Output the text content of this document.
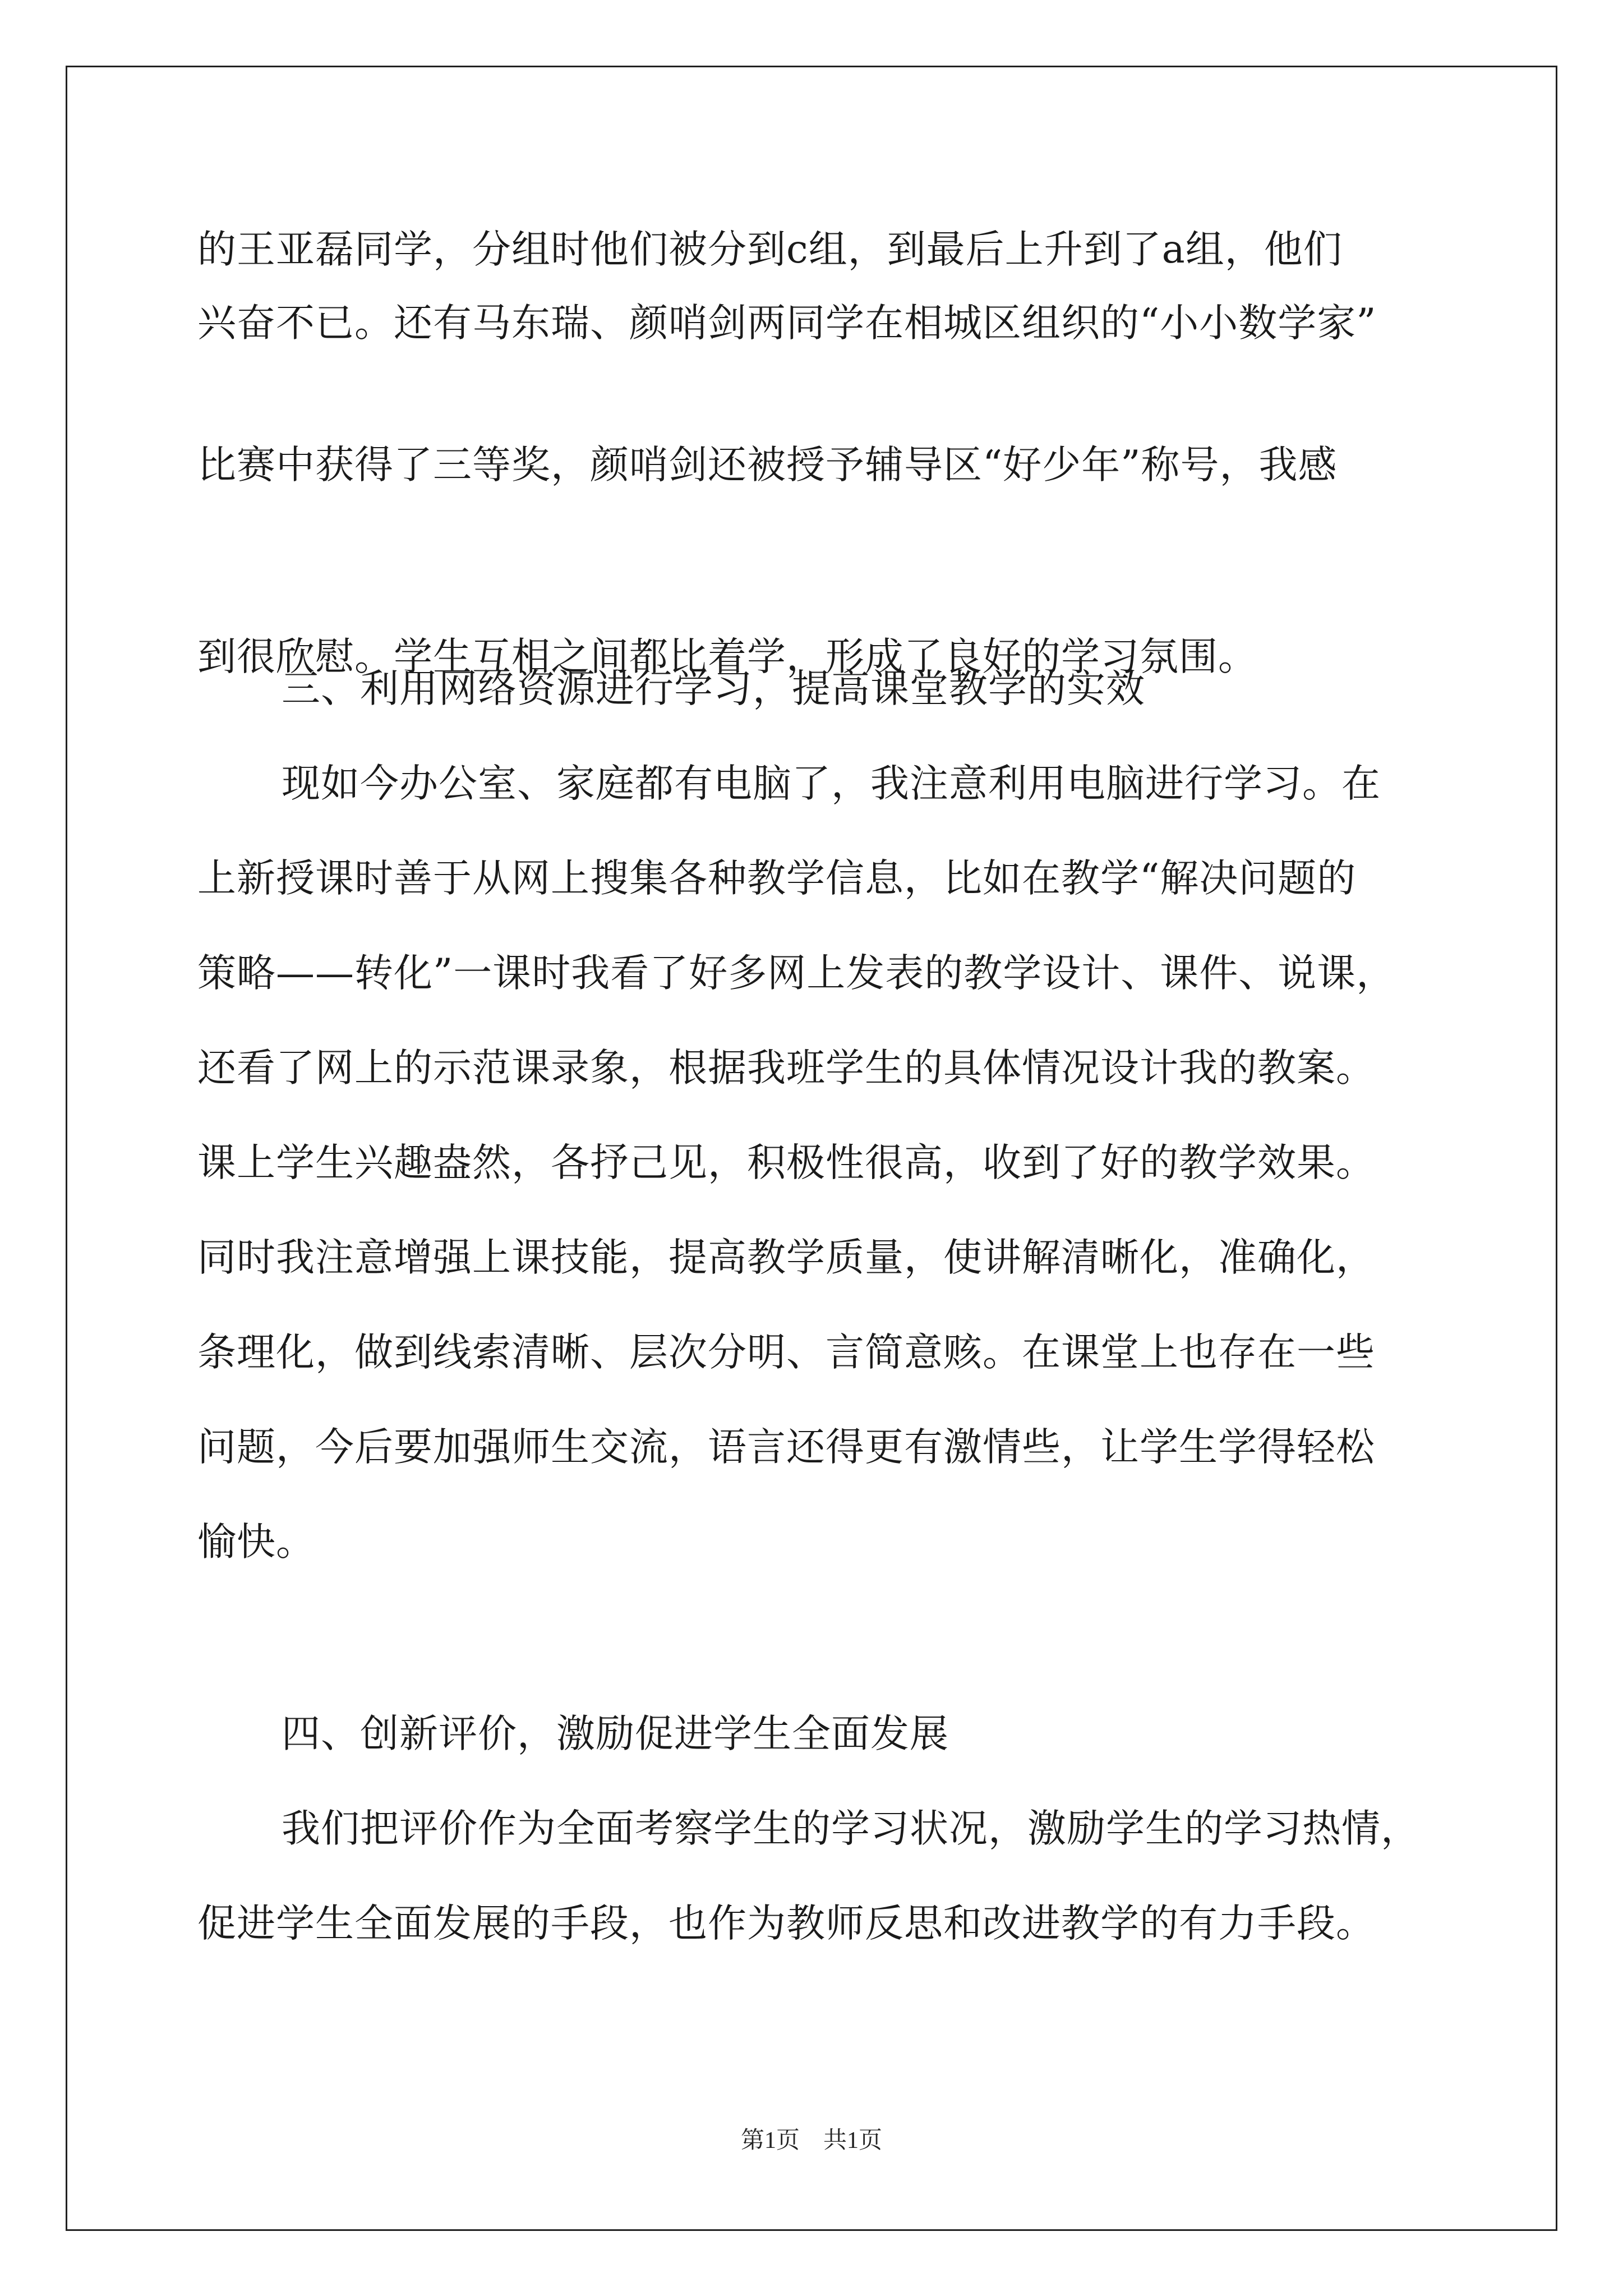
的王亚磊同学，分组时他们被分到c组，到最后上升到了a组，他们
兴奋不已。还有马东瑞、颜哨剑两同学在相城区组织的“小小数学家”
比赛中获得了三等奖，颜哨剑还被授予辅导区“好少年”称号，我感
到很欣慰。学生互相之间都比着学，形成了良好的学习氛围。
三、利用网络资源进行学习，提高课堂教学的实效
现如今办公室、家庭都有电脑了，我注意利用电脑进行学习。在
上新授课时善于从网上搜集各种教学信息，比如在教学“解决问题的
策略——转化”一课时我看了好多网上发表的教学设计、课件、说课，
还看了网上的示范课录象，根据我班学生的具体情况设计我的教案。
课上学生兴趣盎然，各抒己见，积极性很高，收到了好的教学效果。
同时我注意增强上课技能，提高教学质量，使讲解清晰化，准确化，
条理化，做到线索清晰、层次分明、言简意赅。在课堂上也存在一些
问题，今后要加强师生交流，语言还得更有激情些，让学生学得轻松
愉快。
四、创新评价，激励促进学生全面发展
我们把评价作为全面考察学生的学习状况，激励学生的学习热情，
促进学生全面发展的手段，也作为教师反思和改进教学的有力手段。
第1页　共1页
